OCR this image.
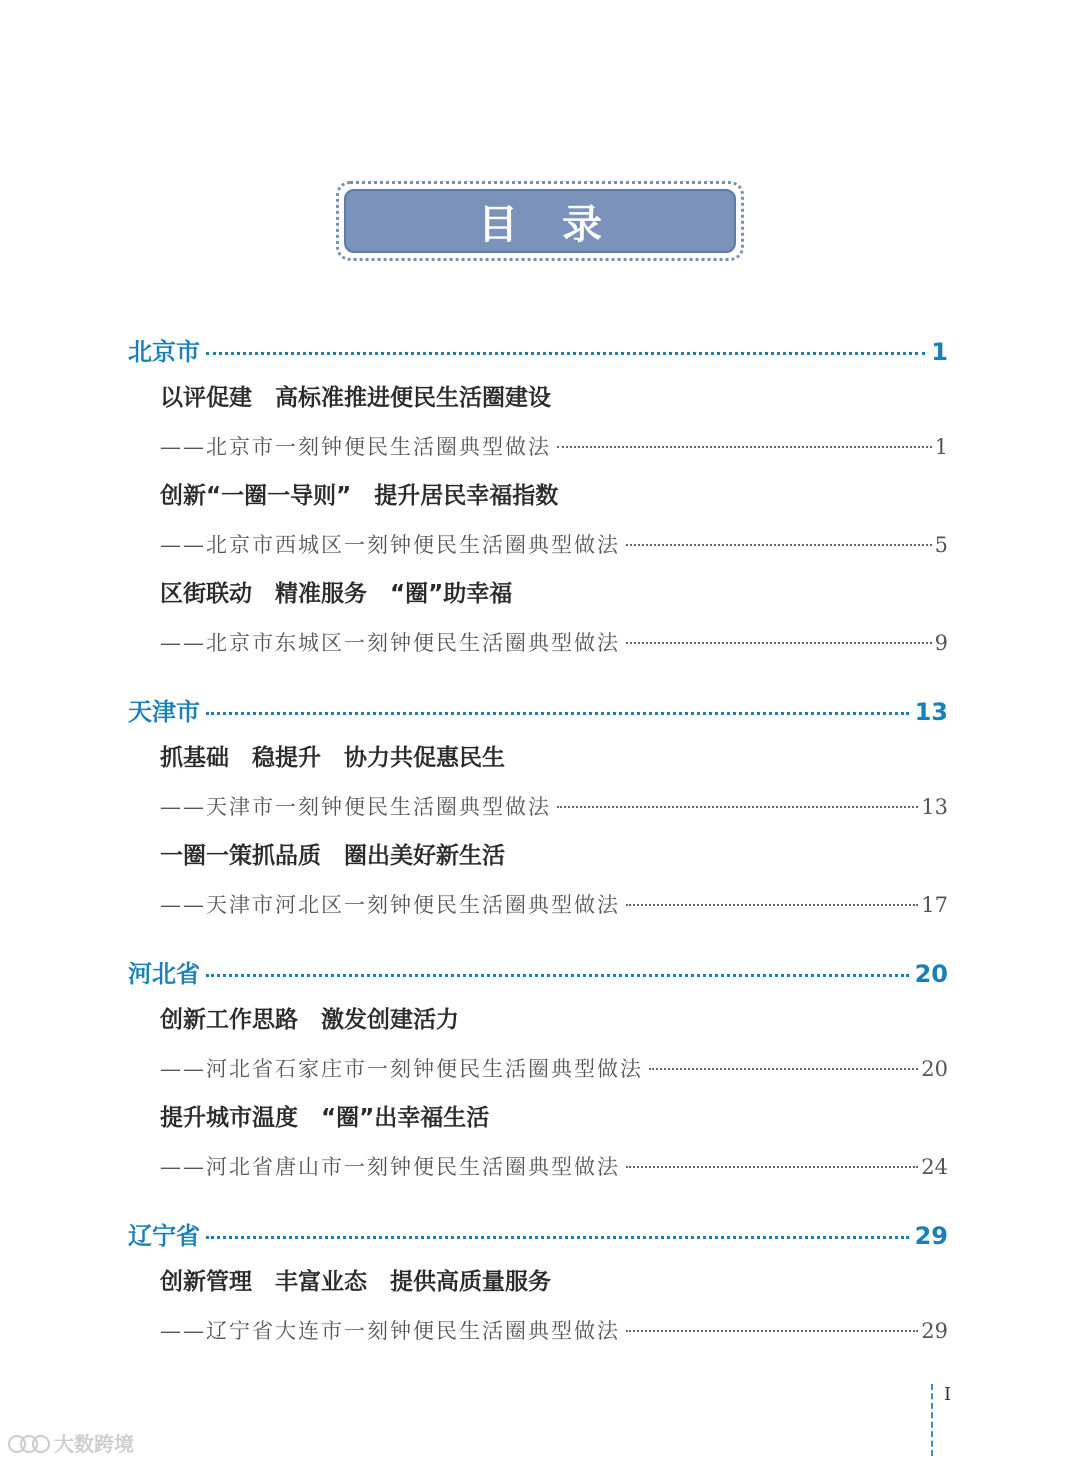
目录
北京市	1
以评促建　高标准推进便民生活圈建设
——北京市一刻钟便民生活圈典型做法	1
创新“一圈一导则”　提升居民幸福指数
——北京市西城区一刻钟便民生活圈典型做法	5
区街联动　精准服务　“圈”助幸福
——北京市东城区一刻钟便民生活圈典型做法	9
天津市	13
抓基础　稳提升　协力共促惠民生
——天津市一刻钟便民生活圈典型做法	13
一圈一策抓品质　圈出美好新生活
——天津市河北区一刻钟便民生活圈典型做法	17
河北省	20
创新工作思路　激发创建活力
——河北省石家庄市一刻钟便民生活圈典型做法	20
提升城市温度　“圈”出幸福生活
——河北省唐山市一刻钟便民生活圈典型做法	24
辽宁省	29
创新管理　丰富业态　提供高质量服务
——辽宁省大连市一刻钟便民生活圈典型做法	29
I
大数跨境
